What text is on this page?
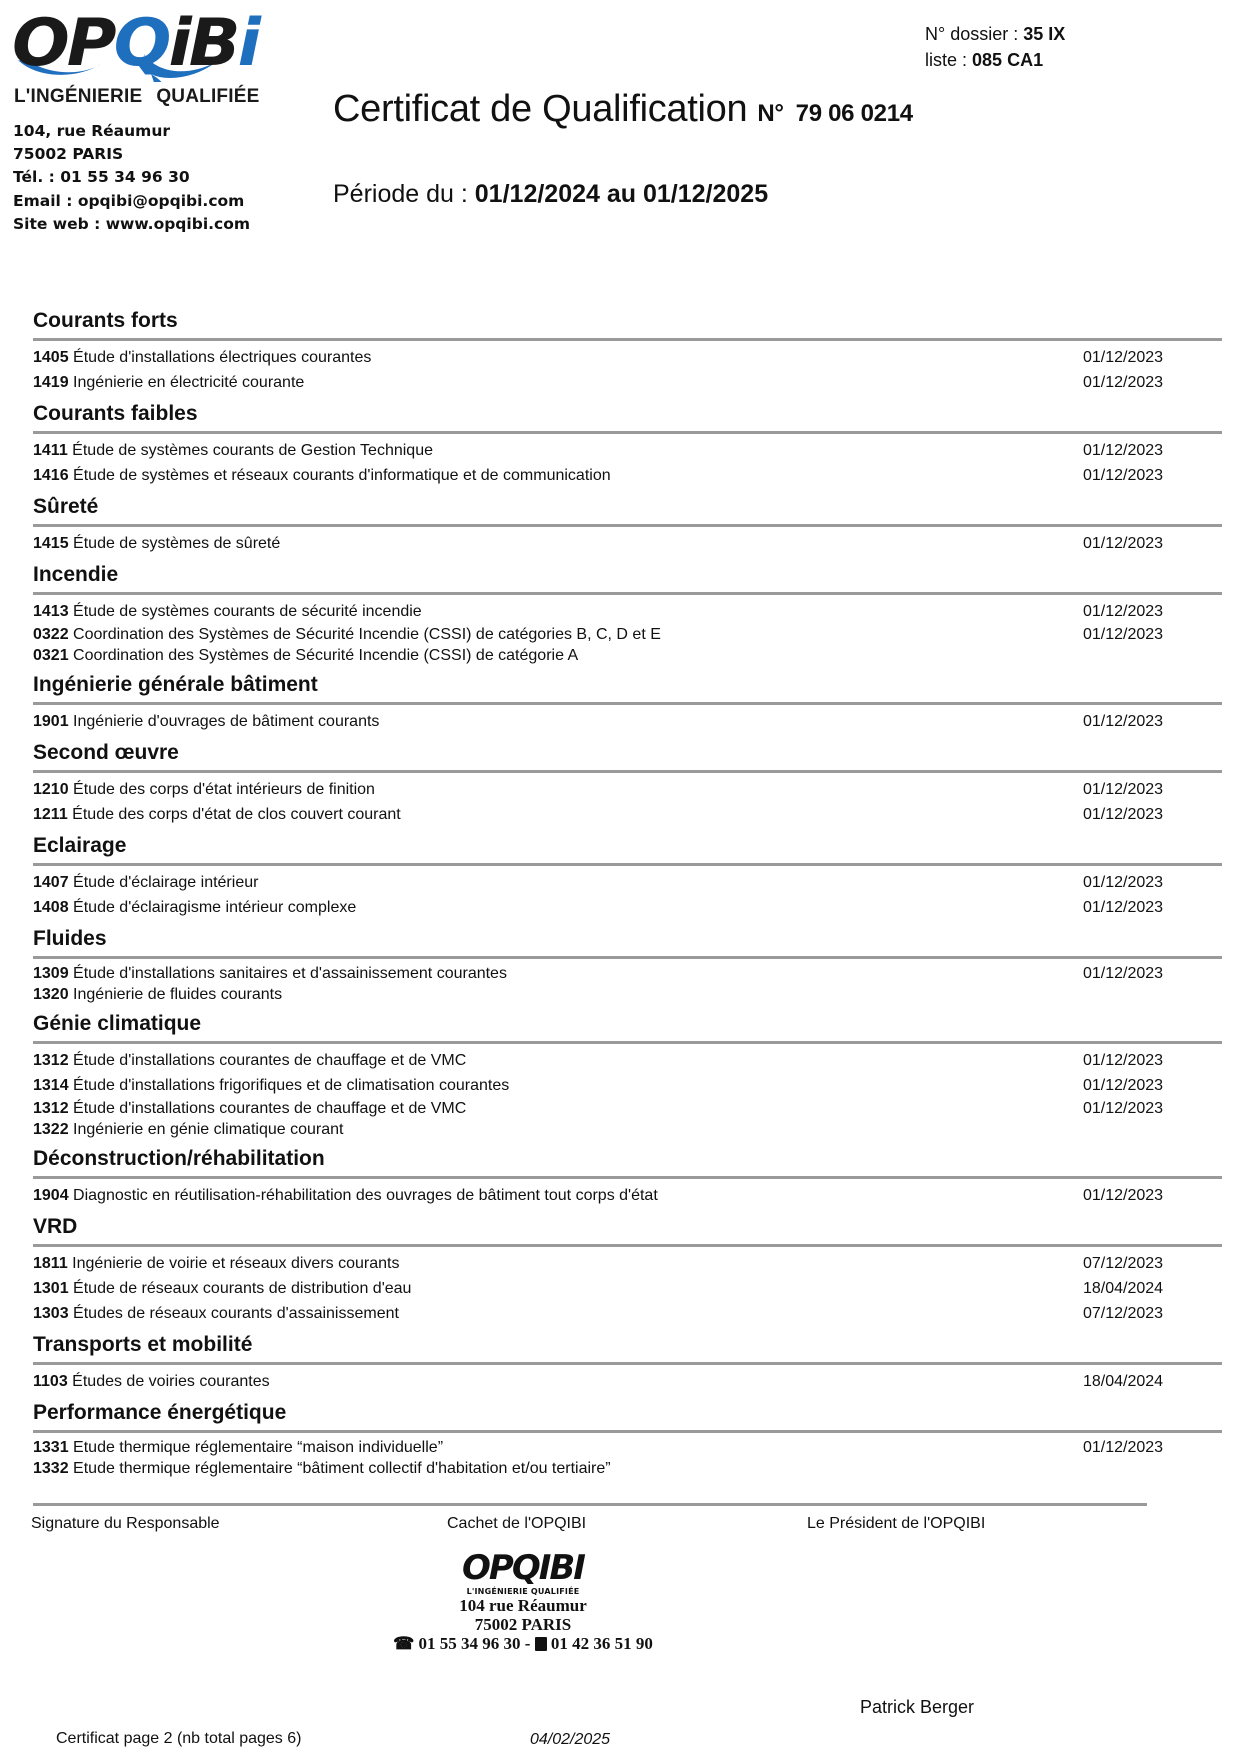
OPQiBi
L'INGÉNIERIE QUALIFIÉE
104, rue Réaumur
75002 PARIS
Tél. : 01 55 34 96 30
Email : opqibi@opqibi.com
Site web : www.opqibi.com
N° dossier : 35 IX
liste : 085 CA1
Certificat de Qualification N° 79 06 0214
Période du : 01/12/2024 au 01/12/2025
Courants forts
1405 Étude d'installations électriques courantes	01/12/2023
1419 Ingénierie en électricité courante	01/12/2023
Courants faibles
1411 Étude de systèmes courants de Gestion Technique	01/12/2023
1416 Étude de systèmes et réseaux courants d'informatique et de communication	01/12/2023
Sûreté
1415 Étude de systèmes de sûreté	01/12/2023
Incendie
1413 Étude de systèmes courants de sécurité incendie	01/12/2023
0322 Coordination des Systèmes de Sécurité Incendie (CSSI) de catégories B, C, D et E	01/12/2023
0321 Coordination des Systèmes de Sécurité Incendie (CSSI) de catégorie A
Ingénierie générale bâtiment
1901 Ingénierie d'ouvrages de bâtiment courants	01/12/2023
Second œuvre
1210 Étude des corps d'état intérieurs de finition	01/12/2023
1211 Étude des corps d'état de clos couvert courant	01/12/2023
Eclairage
1407 Étude d'éclairage intérieur	01/12/2023
1408 Étude d'éclairagisme intérieur complexe	01/12/2023
Fluides
1309 Étude d'installations sanitaires et d'assainissement courantes	01/12/2023
1320 Ingénierie de fluides courants
Génie climatique
1312 Étude d'installations courantes de chauffage et de VMC	01/12/2023
1314 Étude d'installations frigorifiques et de climatisation courantes	01/12/2023
1312 Étude d'installations courantes de chauffage et de VMC	01/12/2023
1322 Ingénierie en génie climatique courant
Déconstruction/réhabilitation
1904 Diagnostic en réutilisation-réhabilitation des ouvrages de bâtiment tout corps d'état	01/12/2023
VRD
1811 Ingénierie de voirie et réseaux divers courants	07/12/2023
1301 Étude de réseaux courants de distribution d'eau	18/04/2024
1303 Études de réseaux courants d'assainissement	07/12/2023
Transports et mobilité
1103 Études de voiries courantes	18/04/2024
Performance énergétique
1331 Etude thermique réglementaire “maison individuelle”	01/12/2023
1332 Etude thermique réglementaire “bâtiment collectif d'habitation et/ou tertiaire”
Signature du Responsable	Cachet de l'OPQIBI	Le Président de l'OPQIBI
OPQIBI
L'INGÉNIERIE QUALIFIÉE
104 rue Réaumur
75002 PARIS
☎ 01 55 34 96 30 - 01 42 36 51 90
Patrick Berger
Certificat page 2 (nb total pages 6)	04/02/2025
